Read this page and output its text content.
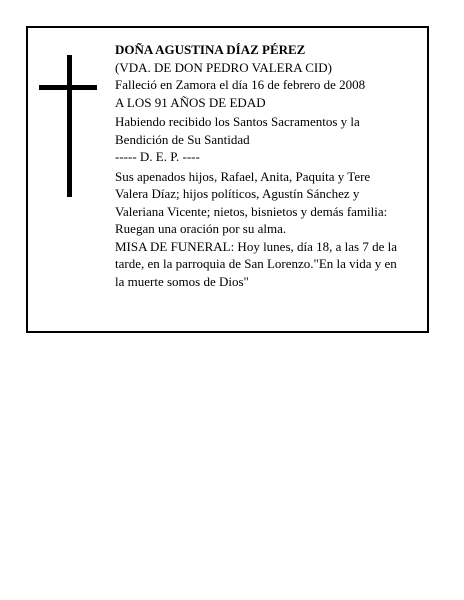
DOÑA AGUSTINA DÍAZ PÉREZ
(VDA. DE DON PEDRO VALERA CID)
Falleció en Zamora el día 16 de febrero de 2008
A LOS 91 AÑOS DE EDAD
Habiendo recibido los Santos Sacramentos y la
Bendición de Su Santidad
----- D. E. P. ----
Sus apenados hijos, Rafael, Anita, Paquita y Tere
Valera Díaz; hijos políticos, Agustín Sánchez y
Valeriana Vicente; nietos, bisnietos y demás familia:
Ruegan una oración por su alma.
MISA DE FUNERAL: Hoy lunes, día 18, a las 7 de la
tarde, en la parroquia de San Lorenzo."En la vida y en
la muerte somos de Dios"
